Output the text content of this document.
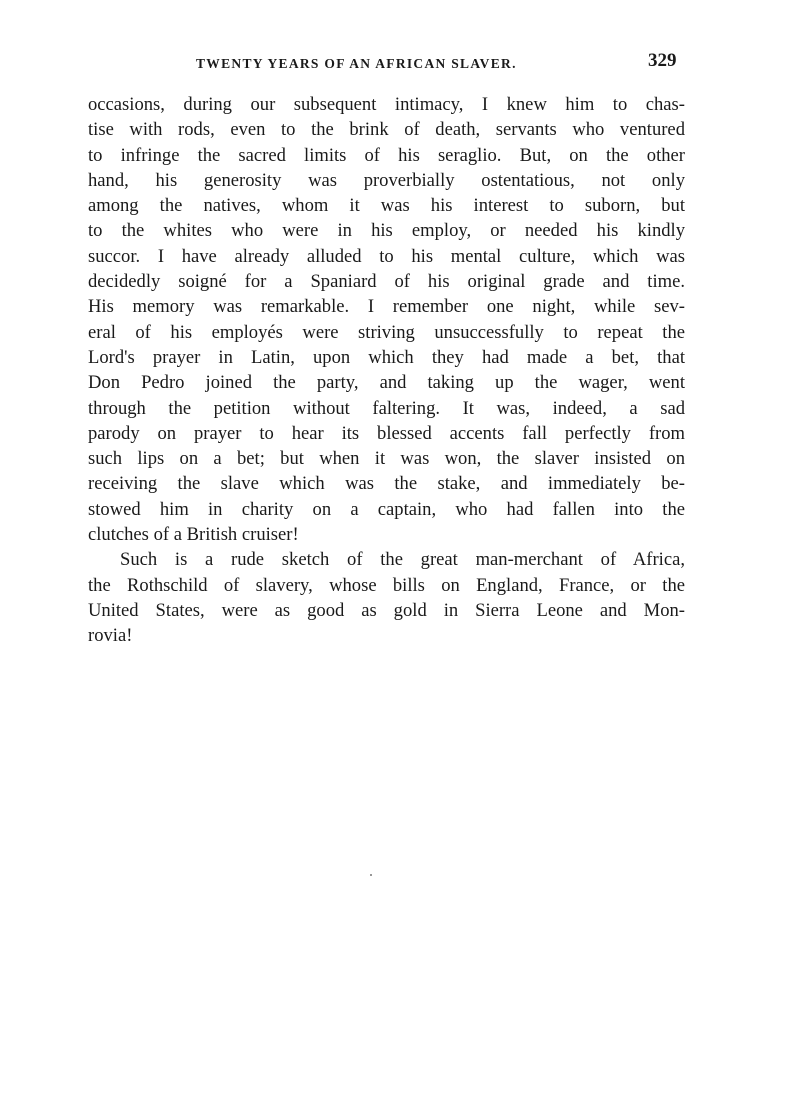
TWENTY YEARS OF AN AFRICAN SLAVER.	329
occasions, during our subsequent intimacy, I knew him to chas-
tise with rods, even to the brink of death, servants who ventured
to infringe the sacred limits of his seraglio. But, on the other
hand, his generosity was proverbially ostentatious, not only
among the natives, whom it was his interest to suborn, but
to the whites who were in his employ, or needed his kindly
succor. I have already alluded to his mental culture, which was
decidedly soigné for a Spaniard of his original grade and time.
His memory was remarkable. I remember one night, while sev-
eral of his employés were striving unsuccessfully to repeat the
Lord's prayer in Latin, upon which they had made a bet, that
Don Pedro joined the party, and taking up the wager, went
through the petition without faltering. It was, indeed, a sad
parody on prayer to hear its blessed accents fall perfectly from
such lips on a bet; but when it was won, the slaver insisted on
receiving the slave which was the stake, and immediately be-
stowed him in charity on a captain, who had fallen into the
clutches of a British cruiser!
Such is a rude sketch of the great man-merchant of Africa,
the Rothschild of slavery, whose bills on England, France, or the
United States, were as good as gold in Sierra Leone and Mon-
rovia!
